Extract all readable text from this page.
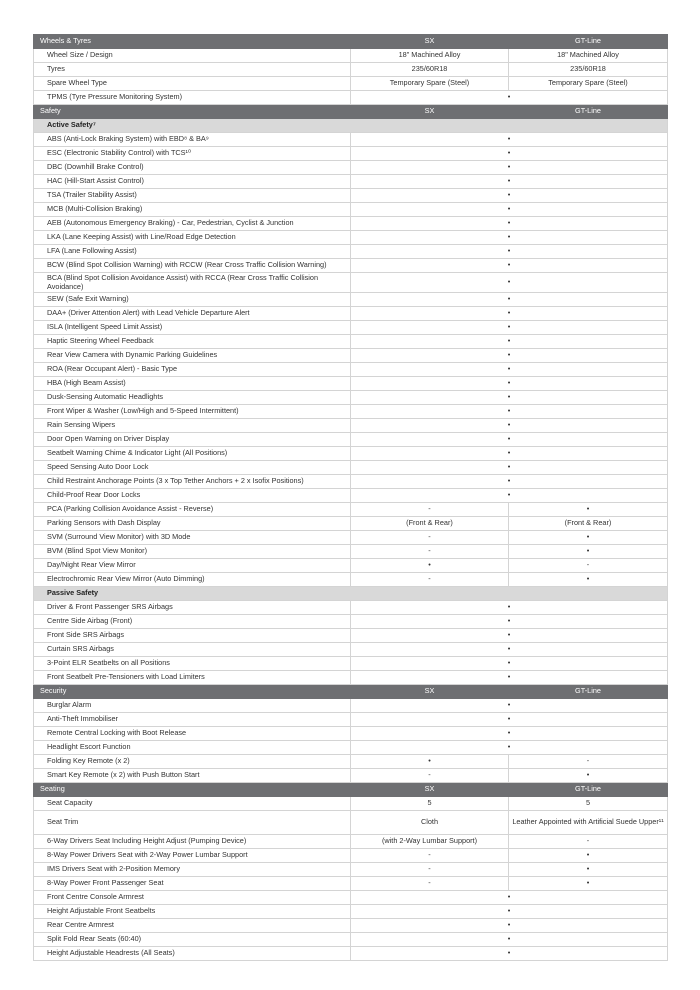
Wheels & Tyres	SX	GT-Line
Wheel Size / Design	18" Machined Alloy	18" Machined Alloy
Tyres	235/60R18	235/60R18
Spare Wheel Type	Temporary Spare (Steel)	Temporary Spare (Steel)
TPMS (Tyre Pressure Monitoring System)	•	
Safety	SX	GT-Line
Active Safety⁷		
ABS (Anti-Lock Braking System) with EBD⁸ & BA⁹	•	
ESC (Electronic Stability Control) with TCS¹⁰	•	
DBC (Downhill Brake Control)	•	
HAC (Hill-Start Assist Control)	•	
TSA (Trailer Stability Assist)	•	
MCB (Multi-Collision Braking)	•	
AEB (Autonomous Emergency Braking) - Car, Pedestrian, Cyclist & Junction	•	
LKA (Lane Keeping Assist) with Line/Road Edge Detection	•	
LFA (Lane Following Assist)	•	
BCW (Blind Spot Collision Warning) with RCCW (Rear Cross Traffic Collision Warning)	•	
BCA (Blind Spot Collision Avoidance Assist) with RCCA (Rear Cross Traffic Collision Avoidance)	•	
SEW (Safe Exit Warning)	•	
DAA+ (Driver Attention Alert) with Lead Vehicle Departure Alert	•	
ISLA (Intelligent Speed Limit Assist)	•	
Haptic Steering Wheel Feedback	•	
Rear View Camera with Dynamic Parking Guidelines	•	
ROA (Rear Occupant Alert) - Basic Type	•	
HBA (High Beam Assist)	•	
Dusk-Sensing Automatic Headlights	•	
Front Wiper & Washer (Low/High and 5-Speed Intermittent)	•	
Rain Sensing Wipers	•	
Door Open Warning on Driver Display	•	
Seatbelt Warning Chime & Indicator Light (All Positions)	•	
Speed Sensing Auto Door Lock	•	
Child Restraint Anchorage Points (3 x Top Tether Anchors + 2 x Isofix Positions)	•	
Child-Proof Rear Door Locks	•	
PCA (Parking Collision Avoidance Assist - Reverse)	-	•
Parking Sensors with Dash Display	(Front & Rear)	(Front & Rear)
SVM (Surround View Monitor) with 3D Mode	-	•
BVM (Blind Spot View Monitor)	-	•
Day/Night Rear View Mirror	•	-
Electrochromic Rear View Mirror (Auto Dimming)	-	•
Passive Safety		
Driver & Front Passenger SRS Airbags	•	
Centre Side Airbag (Front)	•	
Front Side SRS Airbags	•	
Curtain SRS Airbags	•	
3-Point ELR Seatbelts on all Positions	•	
Front Seatbelt Pre-Tensioners with Load Limiters	•	
Security	SX	GT-Line
Burglar Alarm	•	
Anti-Theft Immobiliser	•	
Remote Central Locking with Boot Release	•	
Headlight Escort Function	•	
Folding Key Remote (x 2)	•	-
Smart Key Remote (x 2) with Push Button Start	-	•
Seating	SX	GT-Line
Seat Capacity	5	5
Seat Trim	Cloth	Leather Appointed with Artificial Suede Upper¹¹
6-Way Drivers Seat Including Height Adjust (Pumping Device)	(with 2-Way Lumbar Support)	-
8-Way Power Drivers Seat with 2-Way Power Lumbar Support	-	•
IMS Drivers Seat with 2-Position Memory	-	•
8-Way Power Front Passenger Seat	-	•
Front Centre Console Armrest	•	
Height Adjustable Front Seatbelts	•	
Rear Centre Armrest	•	
Split Fold Rear Seats (60:40)	•	
Height Adjustable Headrests (All Seats)	•	
